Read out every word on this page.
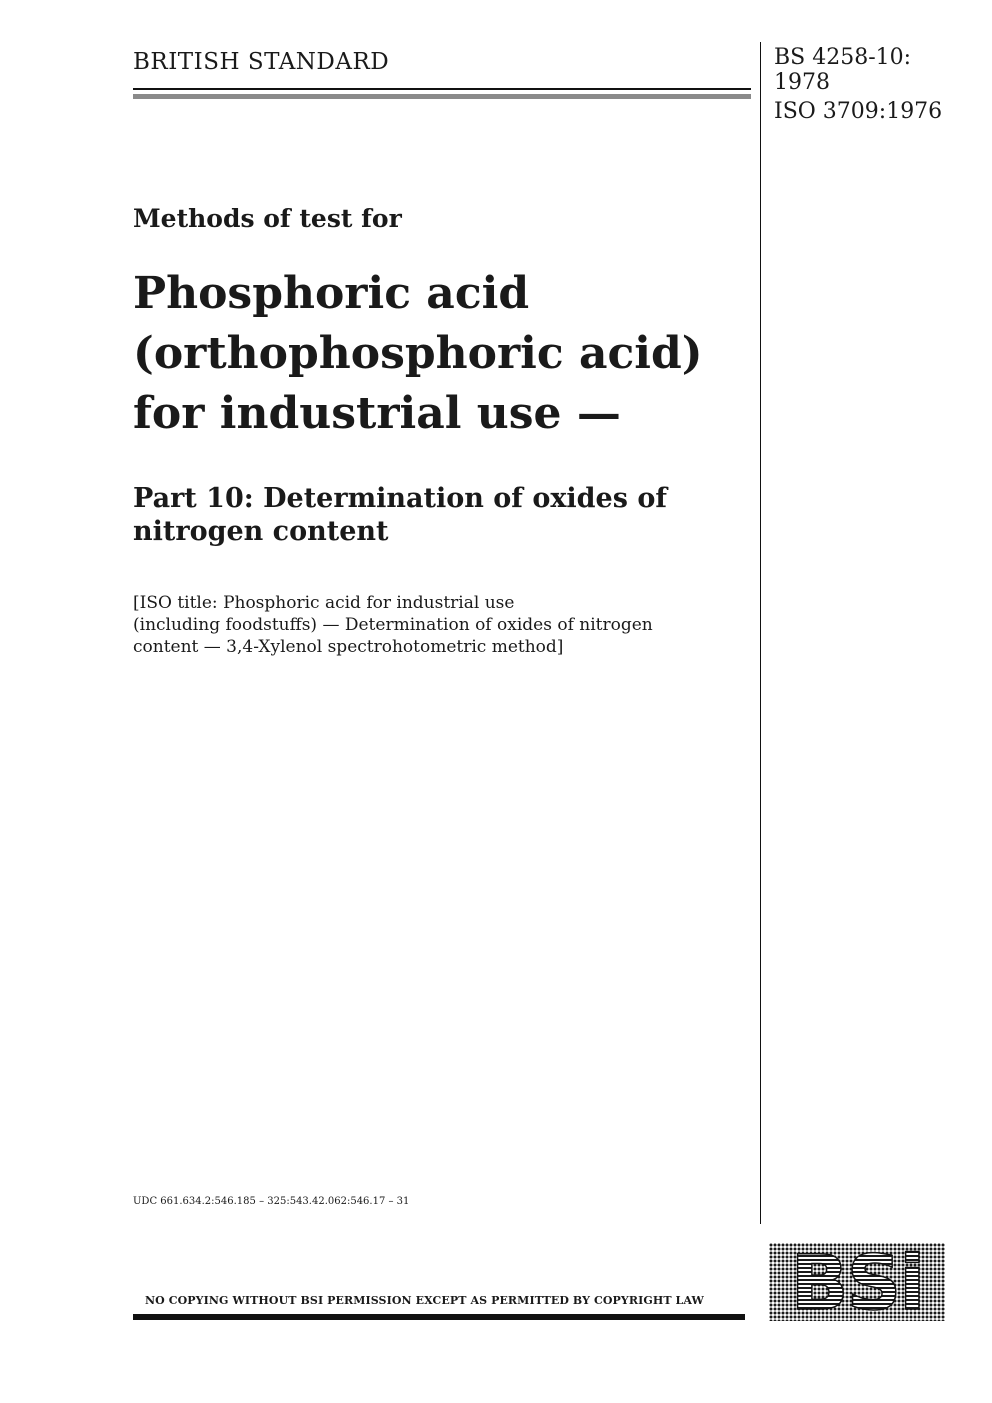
BRITISH STANDARD	BS 4258-10:
1978
ISO 3709:1976
Methods of test for
Phosphoric acid
(orthophosphoric acid)
for industrial use —
Part 10: Determination of oxides of
nitrogen content
[ISO title: Phosphoric acid for industrial use
(including foodstuffs) — Determination of oxides of nitrogen
content — 3,4-Xylenol spectrohotometric method]
UDC 661.634.2:546.185 – 325:543.42.062:546.17 – 31
NO COPYING WITHOUT BSI PERMISSION EXCEPT AS PERMITTED BY COPYRIGHT LAW BSi
